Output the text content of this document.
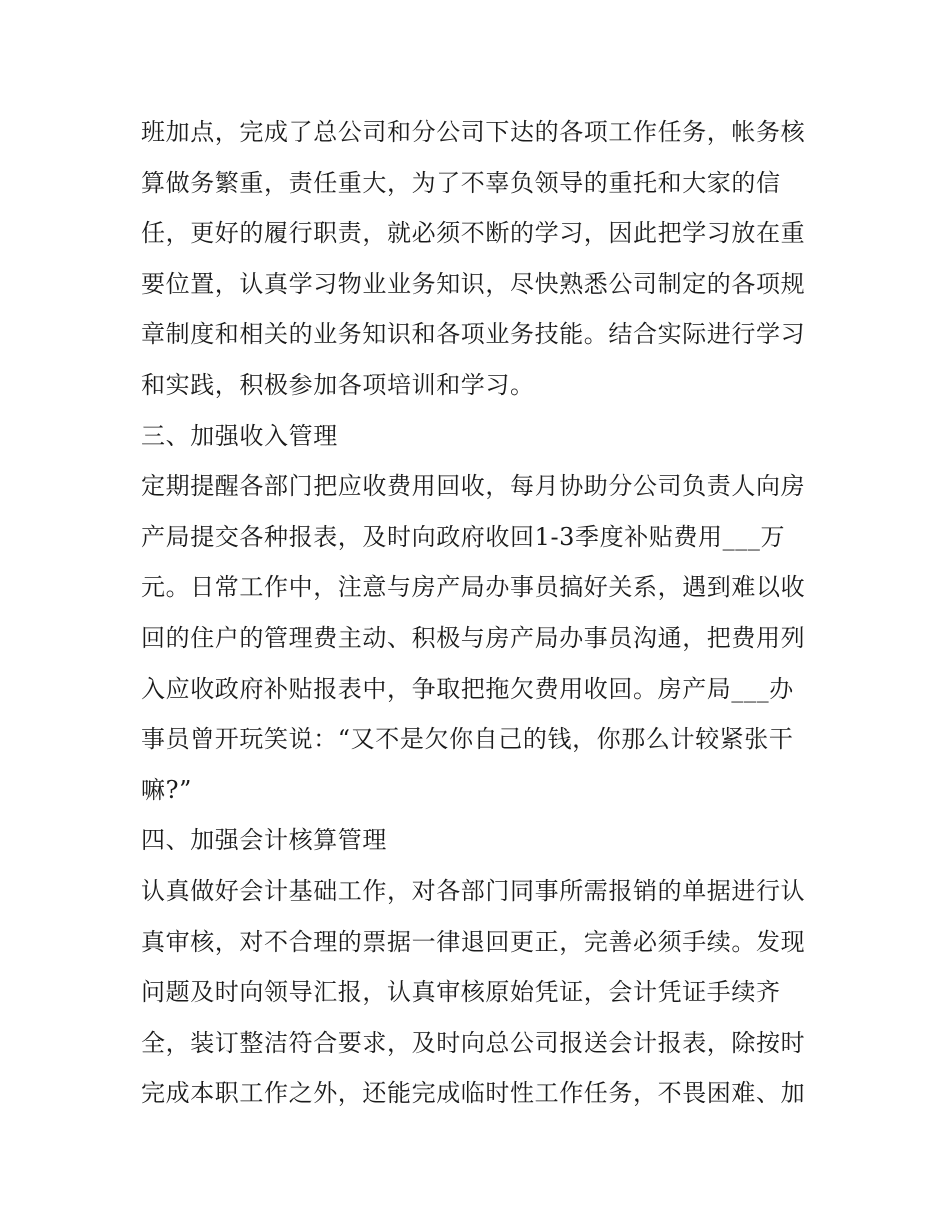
班加点，完成了总公司和分公司下达的各项工作任务，帐务核
算做务繁重，责任重大，为了不辜负领导的重托和大家的信
任，更好的履行职责，就必须不断的学习，因此把学习放在重
要位置，认真学习物业业务知识，尽快熟悉公司制定的各项规
章制度和相关的业务知识和各项业务技能。结合实际进行学习
和实践，积极参加各项培训和学习。
三、加强收入管理
定期提醒各部门把应收费用回收，每月协助分公司负责人向房
产局提交各种报表，及时向政府收回1-3季度补贴费用___万
元。日常工作中，注意与房产局办事员搞好关系，遇到难以收
回的住户的管理费主动、积极与房产局办事员沟通，把费用列
入应收政府补贴报表中，争取把拖欠费用收回。房产局___办
事员曾开玩笑说：“又不是欠你自己的钱，你那么计较紧张干
嘛?”
四、加强会计核算管理
认真做好会计基础工作，对各部门同事所需报销的单据进行认
真审核，对不合理的票据一律退回更正，完善必须手续。发现
问题及时向领导汇报，认真审核原始凭证，会计凭证手续齐
全，装订整洁符合要求，及时向总公司报送会计报表，除按时
完成本职工作之外，还能完成临时性工作任务，不畏困难、加
